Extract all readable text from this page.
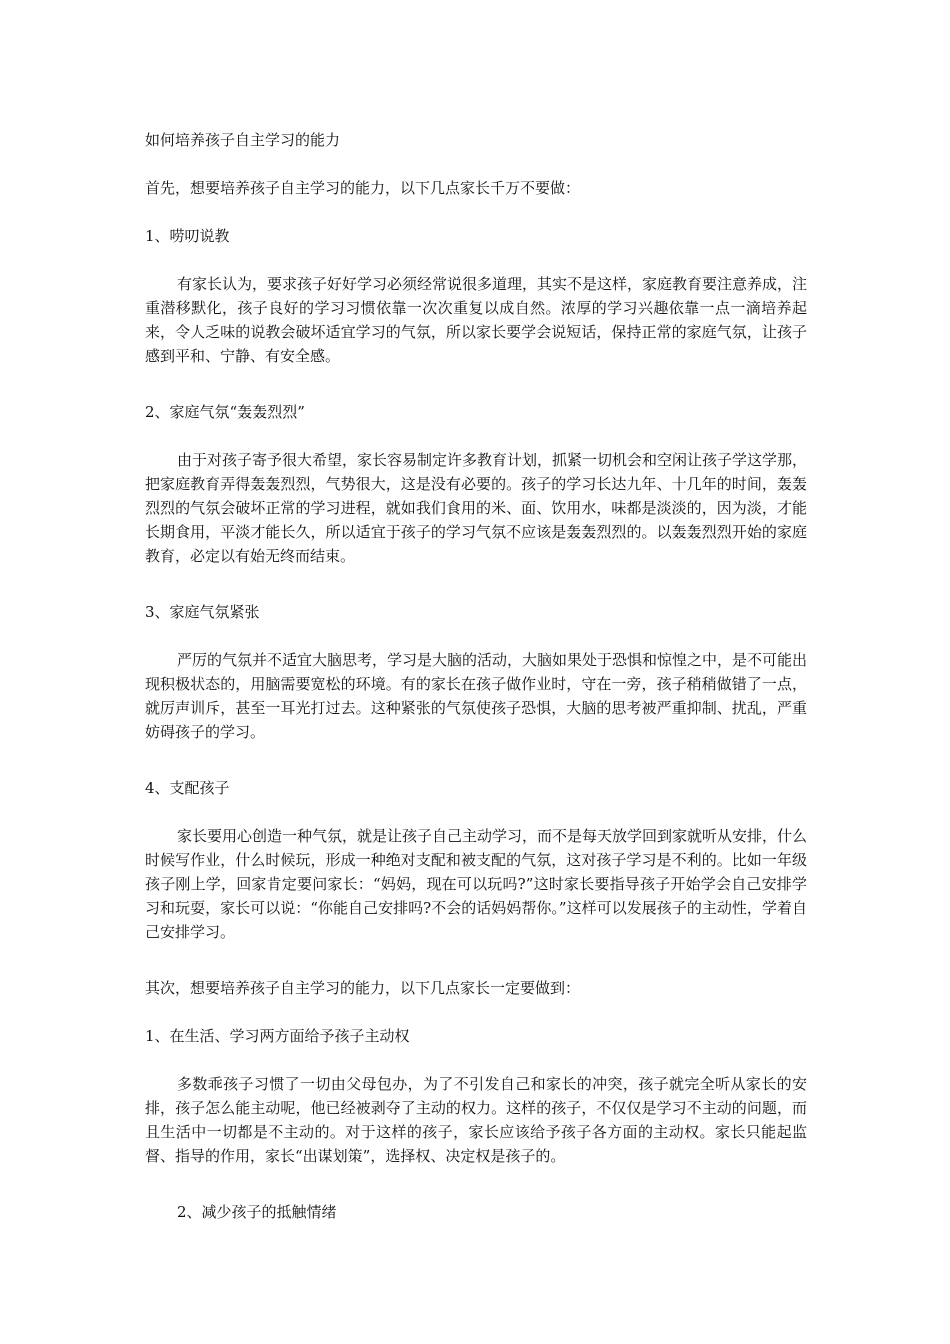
如何培养孩子自主学习的能力
首先，想要培养孩子自主学习的能力，以下几点家长千万不要做：
1、唠叨说教
有家长认为，要求孩子好好学习必须经常说很多道理，其实不是这样，家庭教育要注意养成，注重潜移默化，孩子良好的学习习惯依靠一次次重复以成自然。浓厚的学习兴趣依靠一点一滴培养起来，令人乏味的说教会破坏适宜学习的气氛，所以家长要学会说短话，保持正常的家庭气氛，让孩子感到平和、宁静、有安全感。
2、家庭气氛“轰轰烈烈”
由于对孩子寄予很大希望，家长容易制定许多教育计划，抓紧一切机会和空闲让孩子学这学那，把家庭教育弄得轰轰烈烈，气势很大，这是没有必要的。孩子的学习长达九年、十几年的时间，轰轰烈烈的气氛会破坏正常的学习进程，就如我们食用的米、面、饮用水，味都是淡淡的，因为淡，才能长期食用，平淡才能长久，所以适宜于孩子的学习气氛不应该是轰轰烈烈的。以轰轰烈烈开始的家庭教育，必定以有始无终而结束。
3、家庭气氛紧张
严厉的气氛并不适宜大脑思考，学习是大脑的活动，大脑如果处于恐惧和惊惶之中，是不可能出现积极状态的，用脑需要宽松的环境。有的家长在孩子做作业时，守在一旁，孩子稍稍做错了一点，就厉声训斥，甚至一耳光打过去。这种紧张的气氛使孩子恐惧，大脑的思考被严重抑制、扰乱，严重妨碍孩子的学习。
4、支配孩子
家长要用心创造一种气氛，就是让孩子自己主动学习，而不是每天放学回到家就听从安排，什么时候写作业，什么时候玩，形成一种绝对支配和被支配的气氛，这对孩子学习是不利的。比如一年级孩子刚上学，回家肯定要问家长：“妈妈，现在可以玩吗?”这时家长要指导孩子开始学会自己安排学习和玩耍，家长可以说：“你能自己安排吗?不会的话妈妈帮你。”这样可以发展孩子的主动性，学着自己安排学习。
其次，想要培养孩子自主学习的能力，以下几点家长一定要做到：
1、在生活、学习两方面给予孩子主动权
多数乖孩子习惯了一切由父母包办，为了不引发自己和家长的冲突，孩子就完全听从家长的安排，孩子怎么能主动呢，他已经被剥夺了主动的权力。这样的孩子，不仅仅是学习不主动的问题，而且生活中一切都是不主动的。对于这样的孩子，家长应该给予孩子各方面的主动权。家长只能起监督、指导的作用，家长“出谋划策”，选择权、决定权是孩子的。
2、减少孩子的抵触情绪
